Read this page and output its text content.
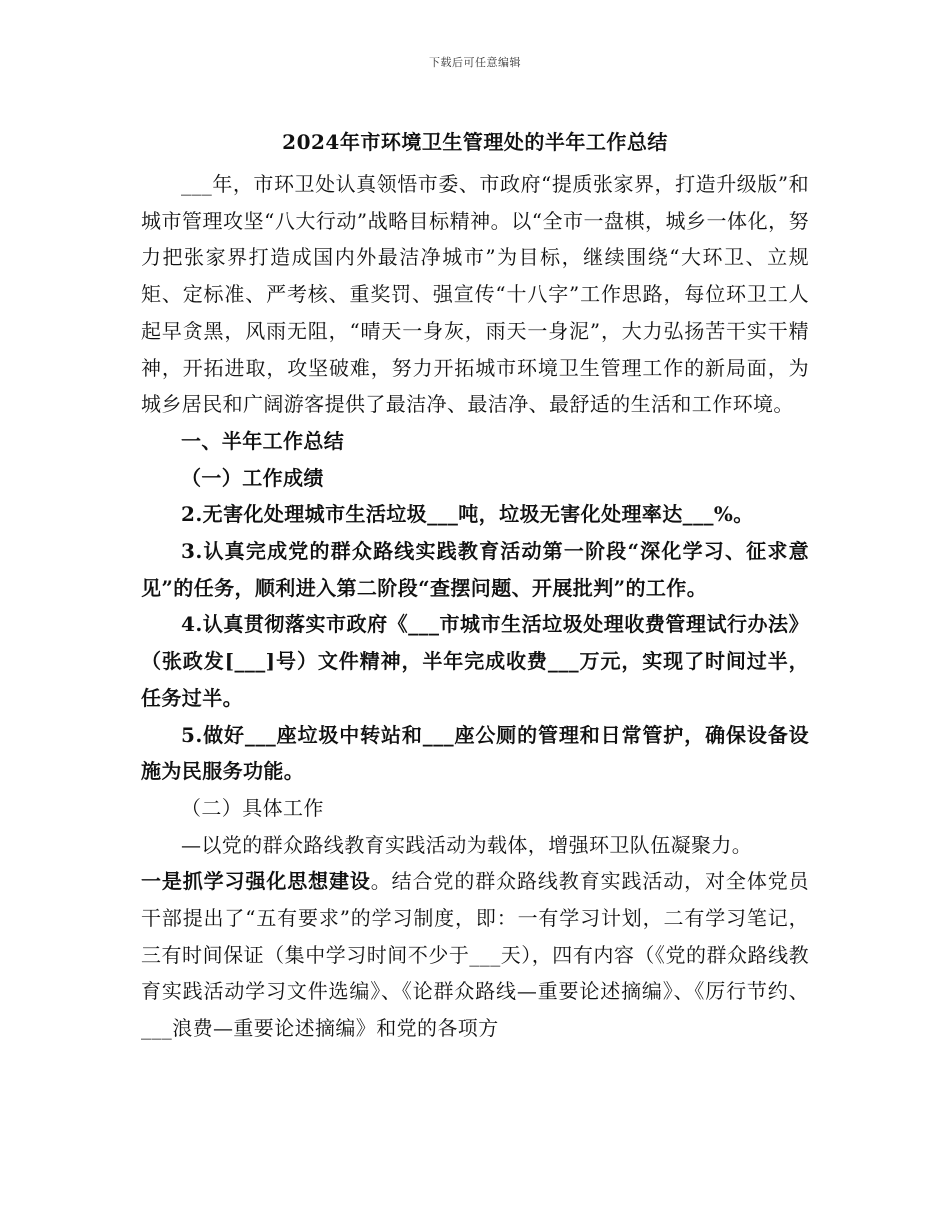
下载后可任意编辑
2024年市环境卫生管理处的半年工作总结

___年，市环卫处认真领悟市委、市政府“提质张家界，打造升级版”和城市管理攻坚“八大行动”战略目标精神。以“全市一盘棋，城乡一体化，努力把张家界打造成国内外最洁净城市”为目标，继续围绕“大环卫、立规矩、定标准、严考核、重奖罚、强宣传“十八字”工作思路，每位环卫工人起早贪黑，风雨无阻，“晴天一身灰，雨天一身泥”，大力弘扬苦干实干精神，开拓进取，攻坚破难，努力开拓城市环境卫生管理工作的新局面，为城乡居民和广阔游客提供了最洁净、最洁净、最舒适的生活和工作环境。

一、半年工作总结

（一）工作成绩

2.无害化处理城市生活垃圾___吨，垃圾无害化处理率达___%。

3.认真完成党的群众路线实践教育活动第一阶段“深化学习、征求意见”的任务，顺利进入第二阶段“查摆问题、开展批判”的工作。

4.认真贯彻落实市政府《___市城市生活垃圾处理收费管理试行办法》（张政发[___]号）文件精神，半年完成收费___万元，实现了时间过半，任务过半。

5.做好___座垃圾中转站和___座公厕的管理和日常管护，确保设备设施为民服务功能。

（二）具体工作

—以党的群众路线教育实践活动为载体，增强环卫队伍凝聚力。

一是抓学习强化思想建设。结合党的群众路线教育实践活动，对全体党员干部提出了“五有要求”的学习制度，即：一有学习计划，二有学习笔记，三有时间保证（集中学习时间不少于___天），四有内容（《党的群众路线教育实践活动学习文件选编》、《论群众路线—重要论述摘编》、《厉行节约、___浪费—重要论述摘编》和党的各项方
